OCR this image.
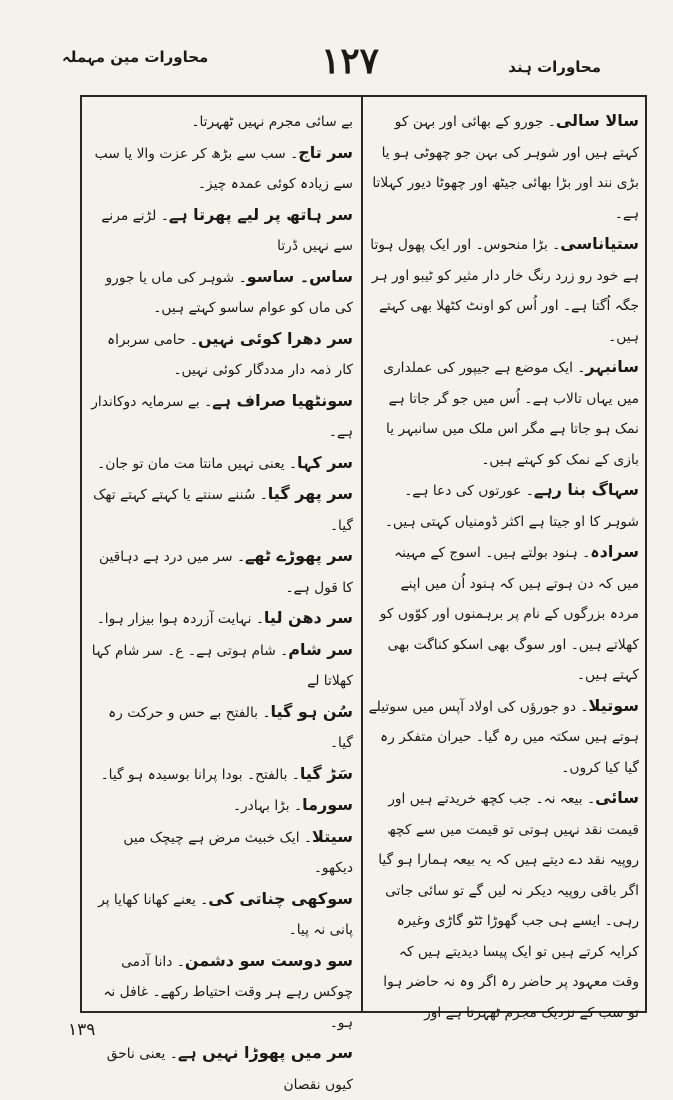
محاورات ہند
۱۲۷
محاورات مین مہملہ

سالا سالی۔ جورو کے بھائی اور بہن کو کہتے ہیں اور شوہر کی بہن جو چھوٹی ہو یا بڑی نند اور بڑا بھائی جیٹھ اور چھوٹا دیور کہلاتا ہے۔

ستیاناسی۔ بڑا منحوس۔ اور ایک پھول ہوتا ہے خود رو زرد رنگ خار دار مثیر کو ٹیبو اور ہر جگہ اُگتا ہے۔ اور اُس کو اونٹ کٹھلا بھی کہتے ہیں۔

سانبہر۔ ایک موضع ہے جیپور کی عملداری میں یہاں تالاب ہے۔ اُس میں جو گر جاتا ہے نمک ہو جاتا ہے مگر اس ملک میں سانبہر یا بازی کے نمک کو کہتے ہیں۔

سہاگ بنا رہے۔ عورتوں کی دعا ہے۔ شوہر کا او جیتا ہے اکثر ڈومنیاں کہتی ہیں۔

سرادہ۔ ہنود بولتے ہیں۔ اسوج کے مہینہ میں کہ دن ہوتے ہیں کہ ہنود اُن میں اپنے مردہ بزرگوں کے نام پر برہمنوں اور کوّوں کو کھلاتے ہیں۔ اور سوگ بھی اسکو کناگت بھی کہتے ہیں۔

سوتیلا۔ دو جورؤں کی اولاد آپس میں سوتیلے ہوتے ہیں سکتہ میں رہ گیا۔ حیران متفکر رہ گیا کیا کروں۔

سائی۔ بیعہ نہ۔ جب کچھ خریدتے ہیں اور قیمت نقد نہیں ہوتی تو قیمت میں سے کچھ روپیہ نقد دے دیتے ہیں کہ یہ بیعہ ہمارا ہو گیا اگر باقی روپیہ دیکر نہ لیں گے تو سائی جاتی رہی۔ ایسے ہی جب گھوڑا ٹٹو گاڑی وغیرہ کرایہ کرتے ہیں تو ایک پیسا دیدیتے ہیں کہ وقت معہود پر حاضر رہ اگر وہ نہ حاضر ہوا تو سب کے نزدیک مجرم ٹھہرتا ہے اور

بے سائی مجرم نہیں ٹھہرتا۔

سر تاج۔ سب سے بڑھ کر عزت والا یا سب سے زیادہ کوئی عمدہ چیز۔

سر ہاتھ پر لیے پھرتا ہے۔ لڑنے مرنے سے نہیں ڈرتا

ساس۔ ساسو۔ شوہر کی ماں یا جورو کی ماں کو عوام ساسو کہتے ہیں۔

سر دھرا کوئی نہیں۔ حامی سربراہ کار ذمہ دار مددگار کوئی نہیں۔

سونٹھیا صراف ہے۔ بے سرمایہ دوکاندار ہے۔

سر کہا۔ یعنی نہیں مانتا مت مان تو جان۔

سر پھر گیا۔ سُننے سنتے یا کہتے کہتے تھک گیا۔

سر پھوڑے ٹھے۔ سر میں درد ہے دہاقین کا قول ہے۔

سر دھن لیا۔ نہایت آزردہ ہوا بیزار ہوا۔

سر شام۔ شام ہوتی ہے۔ ع۔ سر شام کہا کھلاتا لے

سُن ہو گیا۔ بالفتح بے حس و حرکت رہ گیا۔

سَڑ گیا۔ بالفتح۔ بودا پرانا بوسیدہ ہو گیا۔

سورما۔ بڑا بہادر۔

سیتلا۔ ایک خبیث مرض ہے چیچک میں دیکھو۔

سوکھی چناتی کی۔ یعنے کھانا کھایا پر پانی نہ پیا۔

سو دوست سو دشمن۔ دانا آدمی چوکس رہے ہر وقت احتیاط رکھے۔ غافل نہ ہو۔

سر میں پھوڑا نہیں ہے۔ یعنی ناحق کیوں نقصان

۱۳۹
